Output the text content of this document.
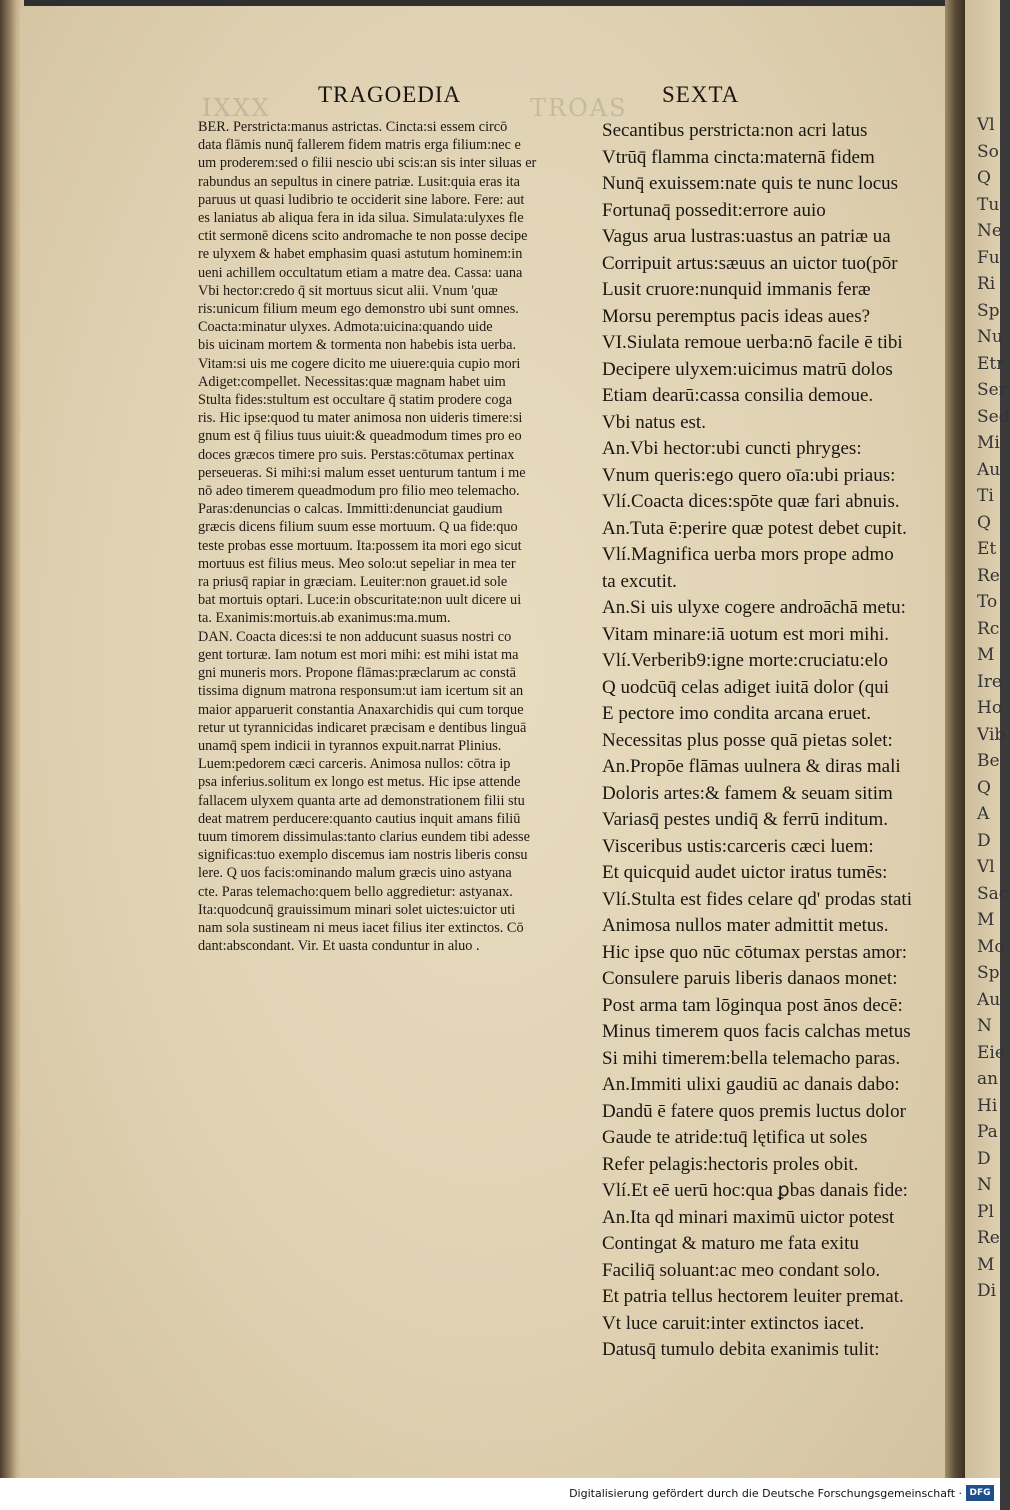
IXXX	TROAS
TRAGOEDIA	SEXTA
BER. Perstricta:manus astrictas. Cincta:si essem circō
data flāmis nunq̄ fallerem fidem matris erga filium:nec e
um proderem:sed o filii nescio ubi scis:an sis inter siluas er
rabundus an sepultus in cinere patriæ. Lusit:quia eras ita
paruus ut quasi ludibrio te occiderit sine labore. Fere: aut
es laniatus ab aliqua fera in ida silua. Simulata:ulyxes fle
ctit sermonē dicens scito andromache te non posse decipe
re ulyxem & habet emphasim quasi astutum hominem:in
ueni achillem occultatum etiam a matre dea. Cassa: uana
Vbi hector:credo q̄ sit mortuus sicut alii. Vnum 'quæ
ris:unicum filium meum ego demonstro ubi sunt omnes.
Coacta:minatur ulyxes. Admota:uicina:quando uide
bis uicinam mortem & tormenta non habebis ista uerba.
Vitam:si uis me cogere dicito me uiuere:quia cupio mori
Adiget:compellet. Necessitas:quæ magnam habet uim
Stulta fides:stultum est occultare q̄ statim prodere coga
ris. Hic ipse:quod tu mater animosa non uideris timere:si
gnum est q̄ filius tuus uiuit:& queadmodum times pro eo
doces græcos timere pro suis. Perstas:cōtumax pertinax
perseueras. Si mihi:si malum esset uenturum tantum i me
nō adeo timerem queadmodum pro filio meo telemacho.
Paras:denuncias o calcas. Immitti:denunciat gaudium
græcis dicens filium suum esse mortuum. Q ua fide:quo
teste probas esse mortuum. Ita:possem ita mori ego sicut
mortuus est filius meus. Meo solo:ut sepeliar in mea ter
ra priusq̄ rapiar in græciam. Leuiter:non grauet.id sole
bat mortuis optari. Luce:in obscuritate:non uult dicere ui
ta. Exanimis:mortuis.ab exanimus:ma.mum.
DAN. Coacta dices:si te non adducunt suasus nostri co
gent torturæ. Iam notum est mori mihi: est mihi istat ma
gni muneris mors. Propone flāmas:præclarum ac constā
tissima dignum matrona responsum:ut iam icertum sit an
maior apparuerit constantia Anaxarchidis qui cum torque
retur ut tyrannicidas indicaret præcisam e dentibus linguā
unamq̄ spem indicii in tyrannos expuit.narrat Plinius.
Luem:pedorem cæci carceris. Animosa nullos: cōtra ip
psa inferius.solitum ex longo est metus. Hic ipse attende
fallacem ulyxem quanta arte ad demonstrationem filii stu
deat matrem perducere:quanto cautius inquit amans filiū
tuum timorem dissimulas:tanto clarius eundem tibi adesse
significas:tuo exemplo discemus iam nostris liberis consu
lere. Q uos facis:ominando malum græcis uino astyana
cte. Paras telemacho:quem bello aggredietur: astyanax.
Ita:quodcunq̄ grauissimum minari solet uictes:uictor uti
nam sola sustineam ni meus iacet filius iter extinctos. Cō
dant:abscondant. Vir. Et uasta conduntur in aluo .
Secantibus perstricta:non acri latus
Vtrūq̄ flamma cincta:maternā fidem
Nunq̄ exuissem:nate quis te nunc locus
Fortunaq̄ possedit:errore auio
Vagus arua lustras:uastus an patriæ ua
Corripuit artus:sæuus an uictor tuo(pōr
Lusit cruore:nunquid immanis feræ
Morsu peremptus pacis ideas aues?
VI.Siulata remoue uerba:nō facile ē tibi
Decipere ulyxem:uicimus matrū dolos
Etiam dearū:cassa consilia demoue.
Vbi natus est.
An.Vbi hector:ubi cuncti phryges:
Vnum queris:ego quero oīa:ubi priaus:
Vlí.Coacta dices:spōte quæ fari abnuis.
An.Tuta ē:perire quæ potest debet cupit.
Vlí.Magnifica uerba mors prope admo
ta excutit.
An.Si uis ulyxe cogere androāchā metu:
Vitam minare:iā uotum est mori mihi.
Vlí.Verberib9:igne morte:cruciatu:elo
Q uodcūq̄ celas adiget iuitā dolor (qui
E pectore imo condita arcana eruet.
Necessitas plus posse quā pietas solet:
An.Propōe flāmas uulnera & diras mali
Doloris artes:& famem & seuam sitim
Variasq̄ pestes undiq̄ & ferrū inditum.
Visceribus ustis:carceris cæci luem:
Et quicquid audet uictor iratus tumēs:
Vlí.Stulta est fides celare qd' prodas stati
Animosa nullos mater admittit metus.
Hic ipse quo nūc cōtumax perstas amor:
Consulere paruis liberis danaos monet:
Post arma tam lōginqua post ānos decē:
Minus timerem quos facis calchas metus
Si mihi timerem:bella telemacho paras.
An.Immiti ulixi gaudiū ac danais dabo:
Dandū ē fatere quos premis luctus dolor
Gaude te atride:tuq̄ lętifica ut soles
Refer pelagis:hectoris proles obit.
Vlí.Et eē uerū hoc:qua ꝑbas danais fide:
An.Ita qd minari maximū uictor potest
Contingat & maturo me fata exitu
Faciliq̄ soluant:ac meo condant solo.
Et patria tellus hectorem leuiter premat.
Vt luce caruit:inter extinctos iacet.
Datusq̄ tumulo debita exanimis tulit:
Vl
So
Q
Tu
Ne
Fu
Ri
Sp
Nu
Etr
Ser
Sed
Mi
Au
Ti
Q
Et
Re
To
Rc
M
Ire
Ho
Vib
Be
Q
A
D
Vl
Sac
M
Mo
Sp
Au
N
Eie
an
Hi
Pa
D
N
Pl
Re
M
Di
Digitalisierung gefördert durch die Deutsche Forschungsgemeinschaft · DFG
